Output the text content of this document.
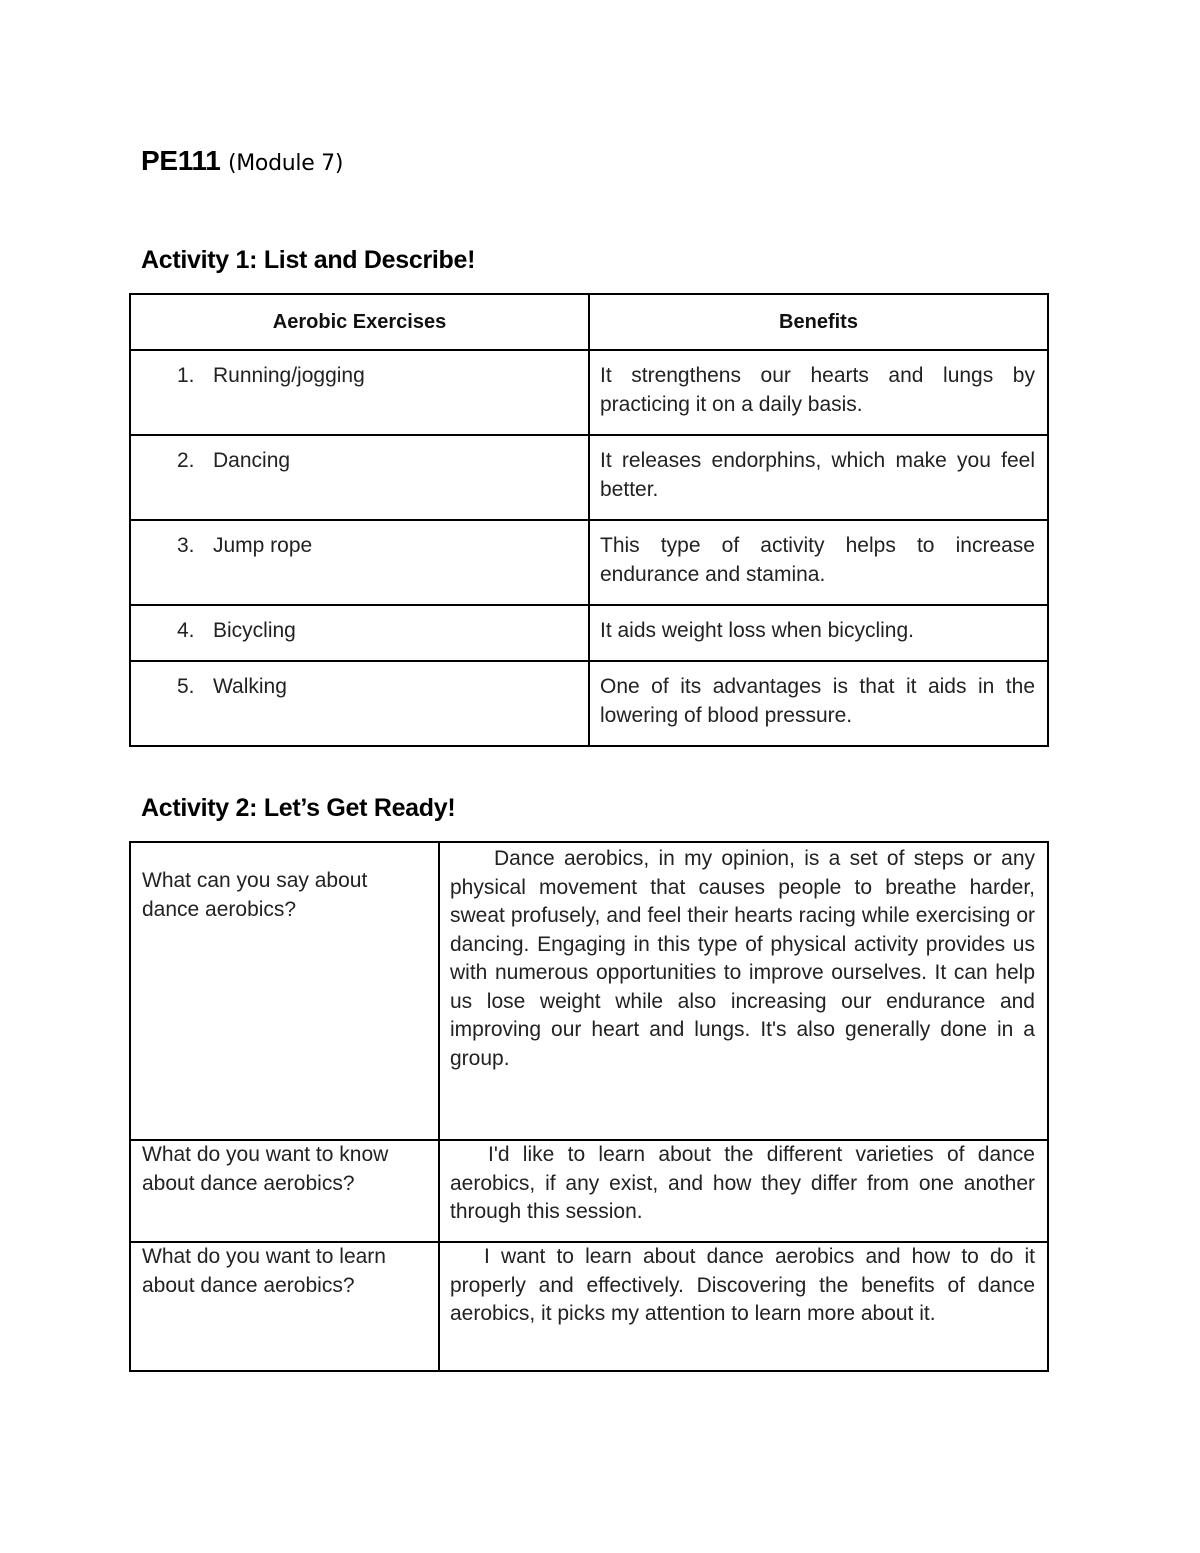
PE111 (Module 7)
Activity 1: List and Describe!
Aerobic Exercises	Benefits
1. Running/jogging	It strengthens our hearts and lungs by practicing it on a daily basis.
2. Dancing	It releases endorphins, which make you feel better.
3. Jump rope	This type of activity helps to increase endurance and stamina.
4. Bicycling	It aids weight loss when bicycling.
5. Walking	One of its advantages is that it aids in the lowering of blood pressure.
Activity 2: Let’s Get Ready!
What can you say about dance aerobics?	Dance aerobics, in my opinion, is a set of steps or any physical movement that causes people to breathe harder, sweat profusely, and feel their hearts racing while exercising or dancing. Engaging in this type of physical activity provides us with numerous opportunities to improve ourselves. It can help us lose weight while also increasing our endurance and improving our heart and lungs. It's also generally done in a group.
What do you want to know about dance aerobics?	I'd like to learn about the different varieties of dance aerobics, if any exist, and how they differ from one another through this session.
What do you want to learn about dance aerobics?	I want to learn about dance aerobics and how to do it properly and effectively. Discovering the benefits of dance aerobics, it picks my attention to learn more about it.
